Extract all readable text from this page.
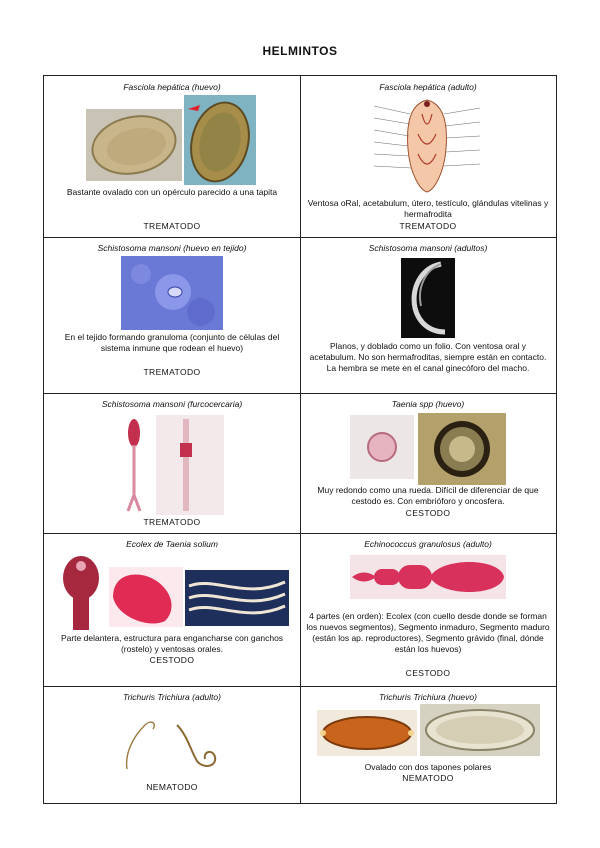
HELMINTOS
Fasciola hepática (huevo)
Bastante ovalado con un opérculo parecido a una tapita
TREMATODO
Fasciola hepática (adulto)
Ventosa oRal, acetabulum, útero, testículo, glándulas vitelinas y hermafrodita
TREMATODO
Schistosoma mansoni (huevo en tejido)
En el tejido formando granuloma (conjunto de células del sistema inmune que rodean el huevo)
TREMATODO
Schistosoma mansoni (adultos)
Planos, y doblado como un folio. Con ventosa oral y acetabulum. No son hermafroditas, siempre están en contacto. La hembra se mete en el canal ginecóforo del macho.
Schistosoma mansoni (furcocercaria)
TREMATODO
Taenia spp (huevo)
Muy redondo como una rueda. Difícil de diferenciar de que cestodo es. Con embrióforo y oncosfera.
CESTODO
Ecolex de Taenia solium
Parte delantera, estructura para engancharse con ganchos (rostelo) y ventosas orales.
CESTODO
Echinococcus granulosus (adulto)
4 partes (en orden): Ecolex (con cuello desde donde se forman los nuevos segmentos), Segmento inmaduro, Segmento maduro (están los ap. reproductores), Segmento grávido (final, dónde están los huevos)
CESTODO
Trichuris Trichiura (adulto)
NEMATODO
Trichuris Trichiura (huevo)
Ovalado con dos tapones polares
NEMATODO
